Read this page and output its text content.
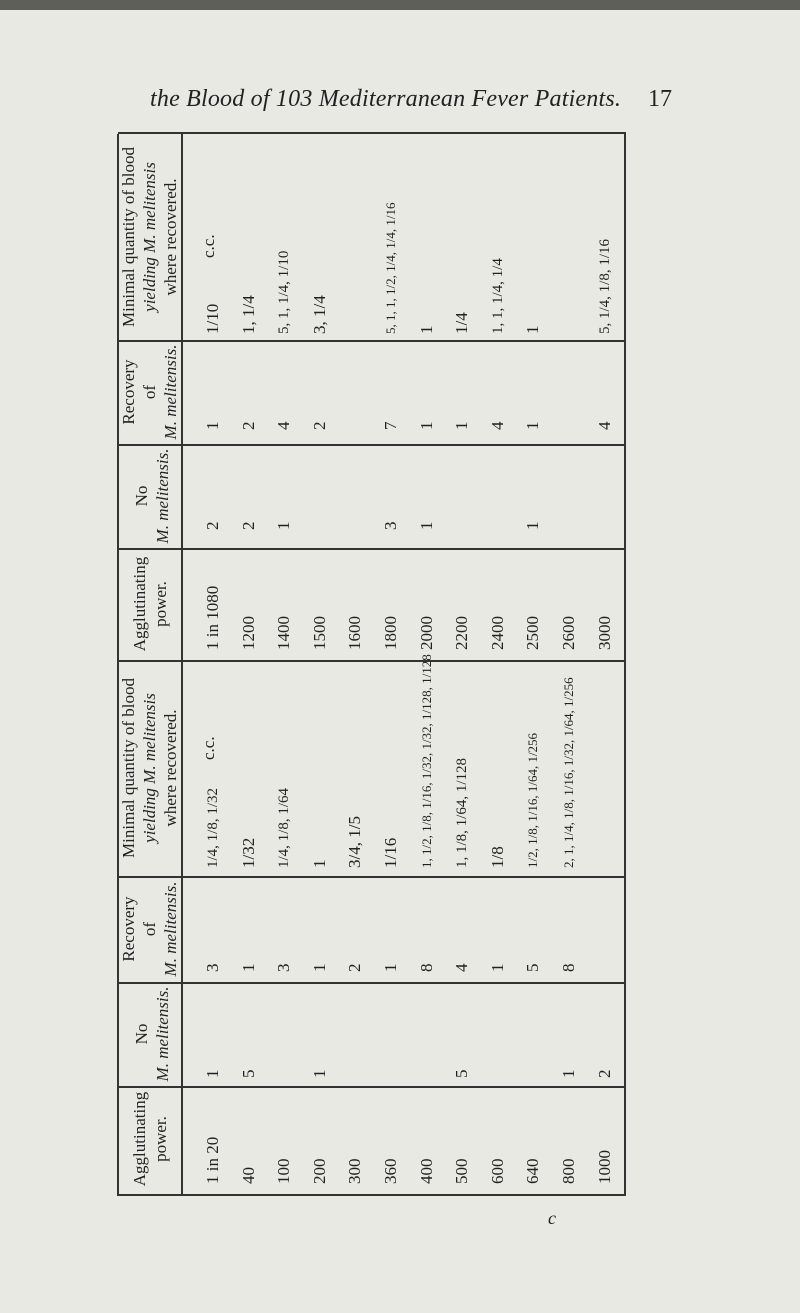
the Blood of 103 Mediterranean Fever Patients. 17
Minimal quantity of blood yielding M. melitensis where recovered.
Recovery of M. melitensis.
No M. melitensis.
Agglutinating power.
Minimal quantity of blood yielding M. melitensis where recovered.
Recovery of M. melitensis.
No M. melitensis.
Agglutinating power.
c.c.
c.c.
1/10
1
2
1 in 1080
1, 1/4
2
2
1200
5, 1, 1/4, 1/10
4
1
1400
3, 1/4
2
1500 1600
5, 1, 1, 1/2, 1/4, 1/4, 1/16
7
3
1800
1
1
1
2000
1/4
1
2200
1, 1, 1/4, 1/4
4
2400
1
1
1
2500 2600
5, 1/4, 1/8, 1/16
4
3000
1/4, 1/8, 1/32
3
1
1 in 20
1/32
1
5
40
1/4, 1/8, 1/64
3
100
1
1
1
200
3/4, 1/5
2
300
1/16
1
360
1, 1/2, 1/8, 1/16, 1/32, 1/32, 1/128, 1/128
8
400
1, 1/8, 1/64, 1/128
4
5
500
1/8
1
600
1/2, 1/8, 1/16, 1/64, 1/256
5
640
2, 1, 1/4, 1/8, 1/16, 1/32, 1/64, 1/256
8
1
800
2
1000
c
